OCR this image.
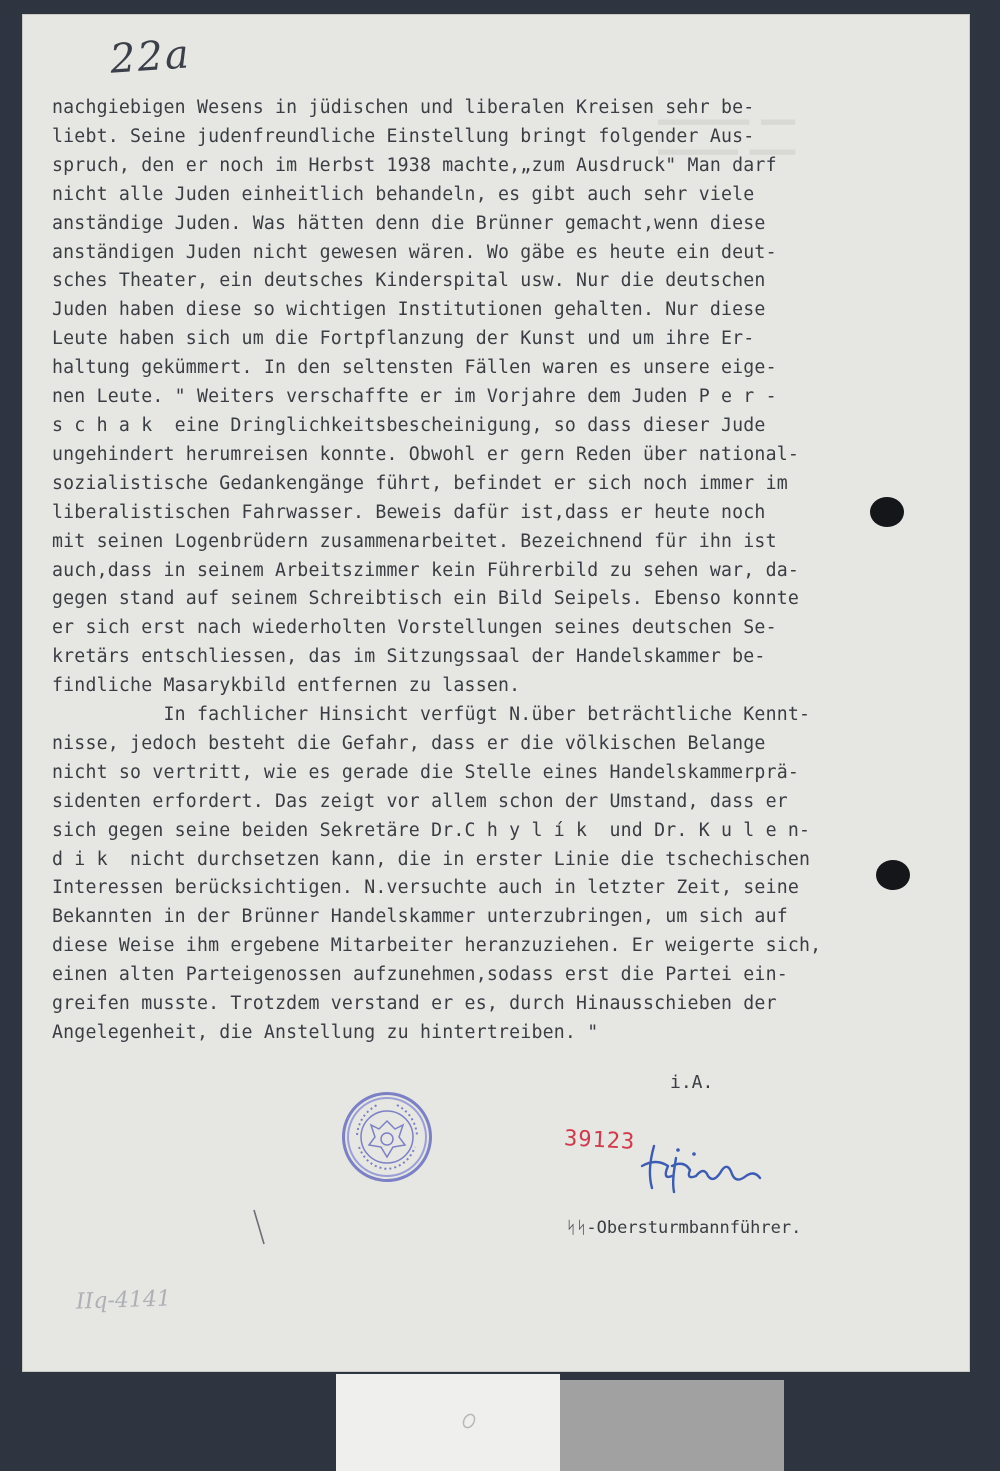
22a
▬▬▬▬▬▬▬▬ ▬▬▬
▬▬▬▬▬▬▬ ▬▬▬▬
nachgiebigen Wesens in jüdischen und liberalen Kreisen sehr be-
liebt. Seine judenfreundliche Einstellung bringt folgender Aus-
spruch, den er noch im Herbst 1938 machte,„zum Ausdruck" Man darf
nicht alle Juden einheitlich behandeln, es gibt auch sehr viele
anständige Juden. Was hätten denn die Brünner gemacht,wenn diese
anständigen Juden nicht gewesen wären. Wo gäbe es heute ein deut-
sches Theater, ein deutsches Kinderspital usw. Nur die deutschen
Juden haben diese so wichtigen Institutionen gehalten. Nur diese
Leute haben sich um die Fortpflanzung der Kunst und um ihre Er-
haltung gekümmert. In den seltensten Fällen waren es unsere eige-
nen Leute. " Weiters verschaffte er im Vorjahre dem Juden P e r -
s c h a k  eine Dringlichkeitsbescheinigung, so dass dieser Jude
ungehindert herumreisen konnte. Obwohl er gern Reden über national-
sozialistische Gedankengänge führt, befindet er sich noch immer im
liberalistischen Fahrwasser. Beweis dafür ist,dass er heute noch
mit seinen Logenbrüdern zusammenarbeitet. Bezeichnend für ihn ist
auch,dass in seinem Arbeitszimmer kein Führerbild zu sehen war, da-
gegen stand auf seinem Schreibtisch ein Bild Seipels. Ebenso konnte
er sich erst nach wiederholten Vorstellungen seines deutschen Se-
kretärs entschliessen, das im Sitzungssaal der Handelskammer be-
findliche Masarykbild entfernen zu lassen.
In fachlicher Hinsicht verfügt N.über beträchtliche Kennt-
nisse, jedoch besteht die Gefahr, dass er die völkischen Belange
nicht so vertritt, wie es gerade die Stelle eines Handelskammerprä-
sidenten erfordert. Das zeigt vor allem schon der Umstand, dass er
sich gegen seine beiden Sekretäre Dr.C h y l í k  und Dr. K u l e n-
d i k  nicht durchsetzen kann, die in erster Linie die tschechischen
Interessen berücksichtigen. N.versuchte auch in letzter Zeit, seine
Bekannten in der Brünner Handelskammer unterzubringen, um sich auf
diese Weise ihm ergebene Mitarbeiter heranzuziehen. Er weigerte sich,
einen alten Parteigenossen aufzunehmen,sodass erst die Partei ein-
greifen musste. Trotzdem verstand er es, durch Hinausschieben der
Angelegenheit, die Anstellung zu hintertreiben. "
i.A.
39123
ᛋᛋ-Obersturmbannführer.
IIq-4141
